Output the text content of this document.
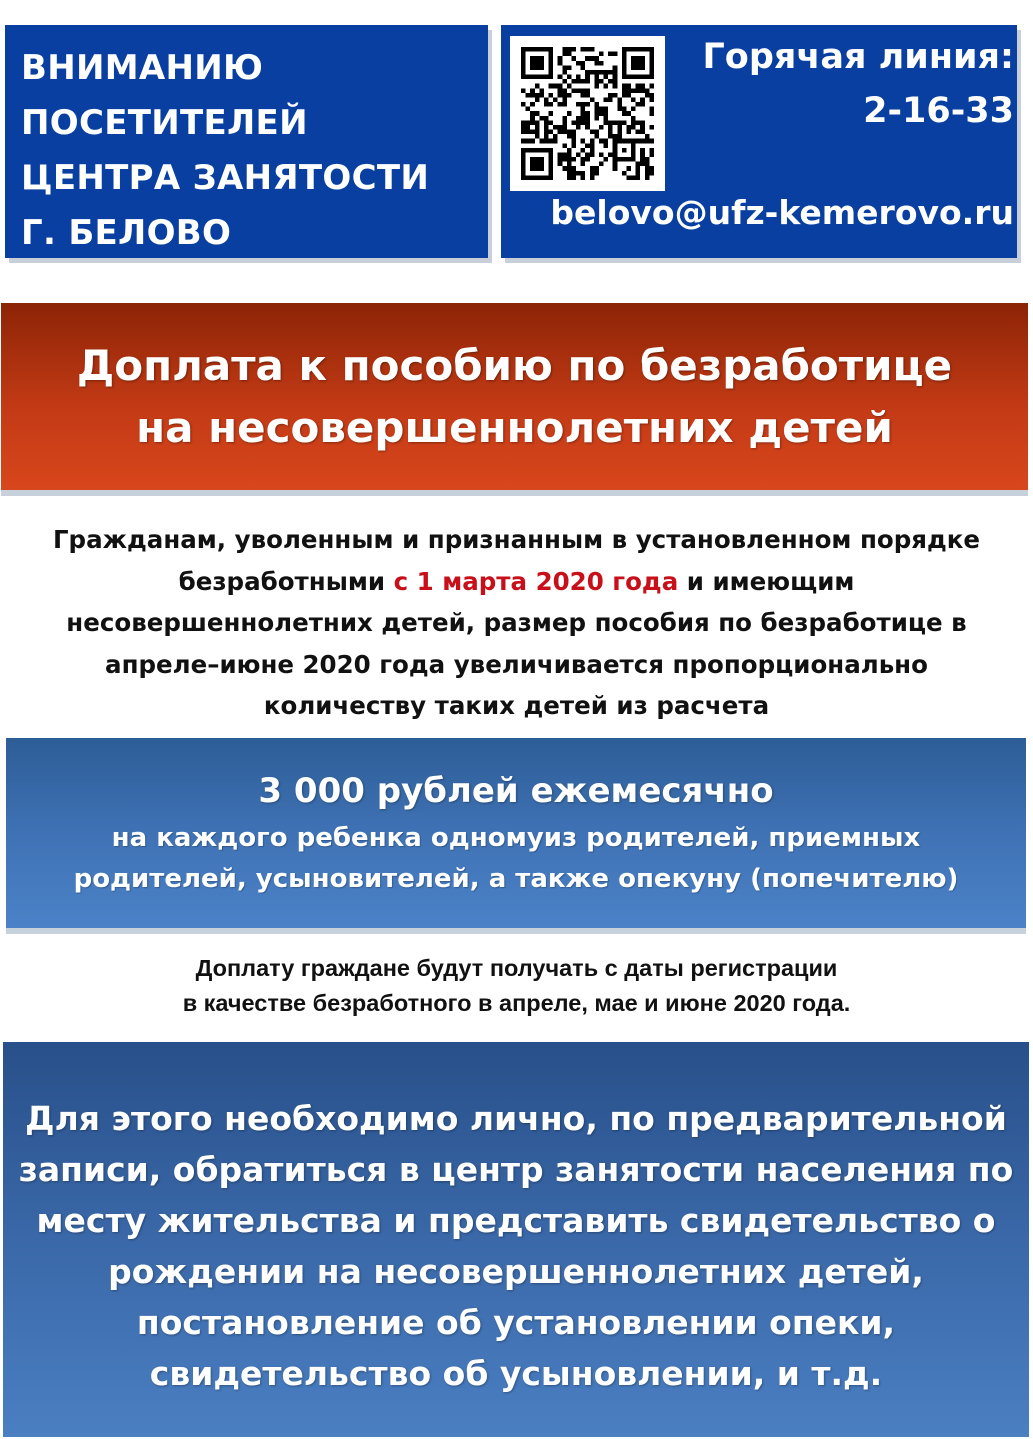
ВНИМАНИЮ
ПОСЕТИТЕЛЕЙ
ЦЕНТРА ЗАНЯТОСТИ
Г. БЕЛОВО
Горячая линия:
2-16-33
belovo@ufz-kemerovo.ru
Доплата к пособию по безработице
на несовершеннолетних детей
Гражданам, уволенным и признанным в установленном порядке
безработными с 1 марта 2020 года и имеющим
несовершеннолетних детей, размер пособия по безработице в
апреле–июне 2020 года увеличивается пропорционально
количеству таких детей из расчета
3 000 рублей ежемесячно
на каждого ребенка одномуиз родителей, приемных
родителей, усыновителей, а также опекуну (попечителю)
Доплату граждане будут получать с даты регистрации
в качестве безработного в апреле, мае и июне 2020 года.
Для этого необходимо лично, по предварительной
записи, обратиться в центр занятости населения по
месту жительства и представить свидетельство о
рождении на несовершеннолетних детей,
постановление об установлении опеки,
свидетельство об усыновлении, и т.д.
